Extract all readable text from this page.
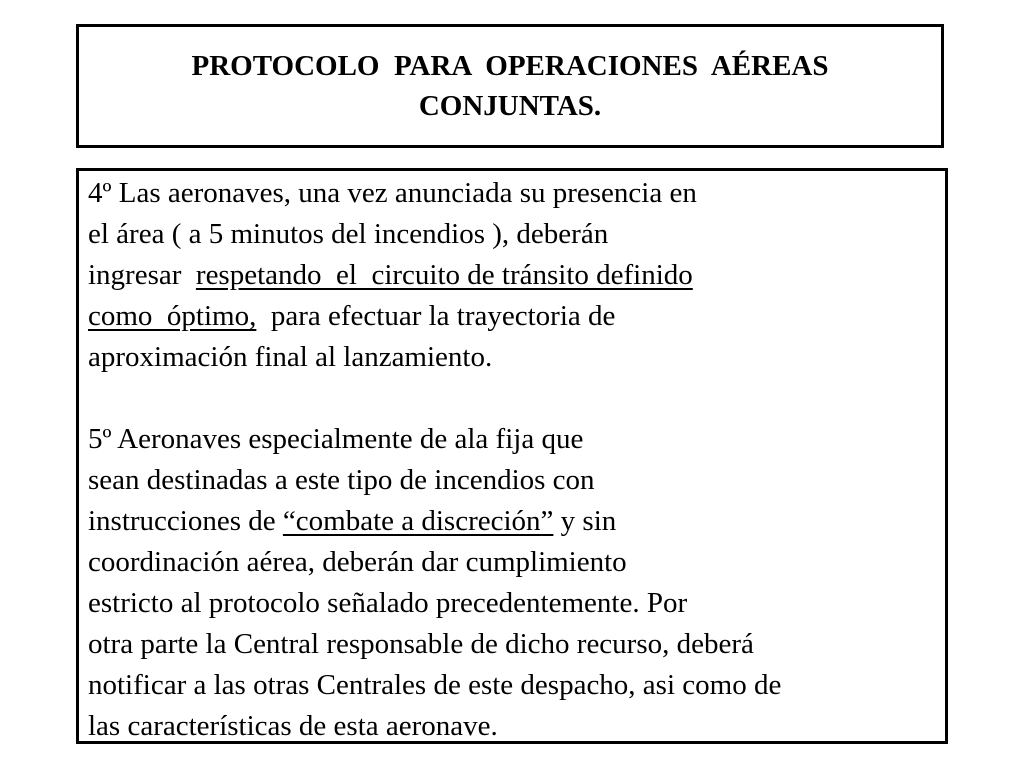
PROTOCOLO  PARA  OPERACIONES  AÉREAS
CONJUNTAS.
4º Las aeronaves, una vez anunciada su presencia en
el área ( a 5 minutos del incendios ), deberán
ingresar  respetando  el  circuito de tránsito definido
como  óptimo,  para efectuar la trayectoria de
aproximación final al lanzamiento.
5º Aeronaves especialmente de ala fija que
sean destinadas a este tipo de incendios con
instrucciones de “combate a discreción” y sin
coordinación aérea, deberán dar cumplimiento
estricto al protocolo señalado precedentemente. Por
otra parte la Central responsable de dicho recurso, deberá
notificar a las otras Centrales de este despacho, asi como de
las características de esta aeronave.
